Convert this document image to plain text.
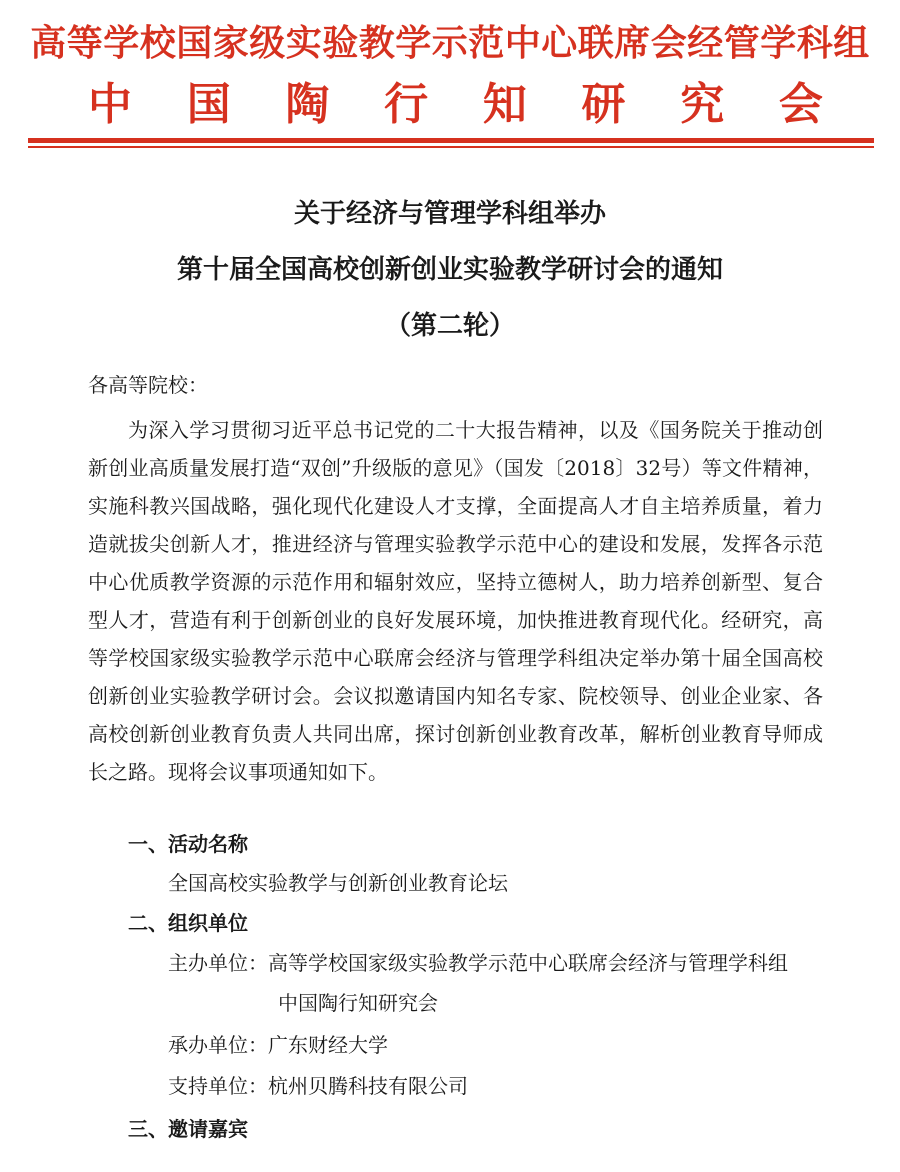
高等学校国家级实验教学示范中心联席会经管学科组
中 国 陶 行 知 研 究 会
关于经济与管理学科组举办
第十届全国高校创新创业实验教学研讨会的通知
（第二轮）
各高等院校：
为深入学习贯彻习近平总书记党的二十大报告精神，以及《国务院关于推动创新创业高质量发展打造“双创”升级版的意见》（国发〔2018〕32号）等文件精神，实施科教兴国战略，强化现代化建设人才支撑，全面提高人才自主培养质量，着力造就拔尖创新人才，推进经济与管理实验教学示范中心的建设和发展，发挥各示范中心优质教学资源的示范作用和辐射效应，坚持立德树人，助力培养创新型、复合型人才，营造有利于创新创业的良好发展环境，加快推进教育现代化。经研究，高等学校国家级实验教学示范中心联席会经济与管理学科组决定举办第十届全国高校创新创业实验教学研讨会。会议拟邀请国内知名专家、院校领导、创业企业家、各高校创新创业教育负责人共同出席，探讨创新创业教育改革，解析创业教育导师成长之路。现将会议事项通知如下。
一、活动名称
全国高校实验教学与创新创业教育论坛
二、组织单位
主办单位：高等学校国家级实验教学示范中心联席会经济与管理学科组
中国陶行知研究会
承办单位：广东财经大学
支持单位：杭州贝腾科技有限公司
三、邀请嘉宾
